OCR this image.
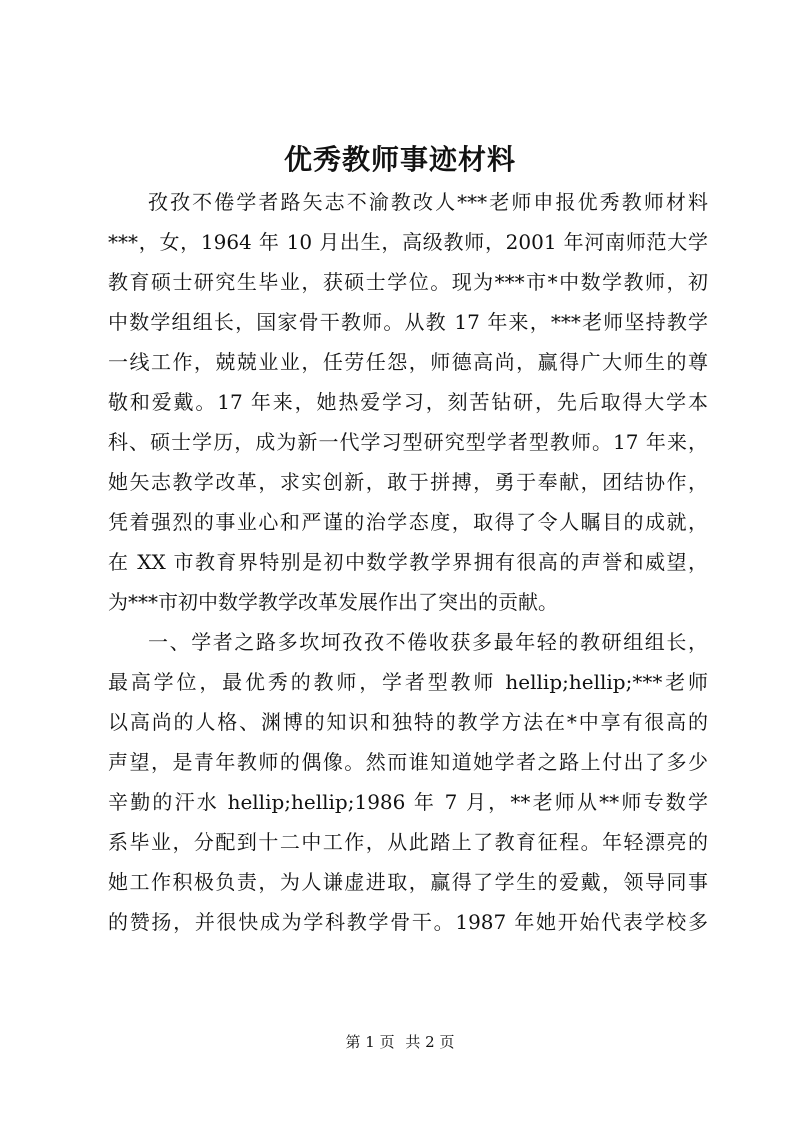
优秀教师事迹材料
孜孜不倦学者路矢志不渝教改人***老师申报优秀教师材料
***，女，1964 年 10 月出生，高级教师，2001 年河南师范大学
教育硕士研究生毕业，获硕士学位。现为***市*中数学教师，初
中数学组组长，国家骨干教师。从教 17 年来，***老师坚持教学
一线工作，兢兢业业，任劳任怨，师德高尚，赢得广大师生的尊
敬和爱戴。17 年来，她热爱学习，刻苦钻研，先后取得大学本
科、硕士学历，成为新一代学习型研究型学者型教师。17 年来，
她矢志教学改革，求实创新，敢于拼搏，勇于奉献，团结协作，
凭着强烈的事业心和严谨的治学态度，取得了令人瞩目的成就，
在 XX 市教育界特别是初中数学教学界拥有很高的声誉和威望，
为***市初中数学教学改革发展作出了突出的贡献。
一、学者之路多坎坷孜孜不倦收获多最年轻的教研组组长，
最高学位，最优秀的教师，学者型教师 hellip;hellip;***老师
以高尚的人格、渊博的知识和独特的教学方法在*中享有很高的
声望，是青年教师的偶像。然而谁知道她学者之路上付出了多少
辛勤的汗水 hellip;hellip;1986 年 7 月，**老师从**师专数学
系毕业，分配到十二中工作，从此踏上了教育征程。年轻漂亮的
她工作积极负责，为人谦虚进取，赢得了学生的爱戴，领导同事
的赞扬，并很快成为学科教学骨干。1987 年她开始代表学校多
第 1 页 共 2 页
